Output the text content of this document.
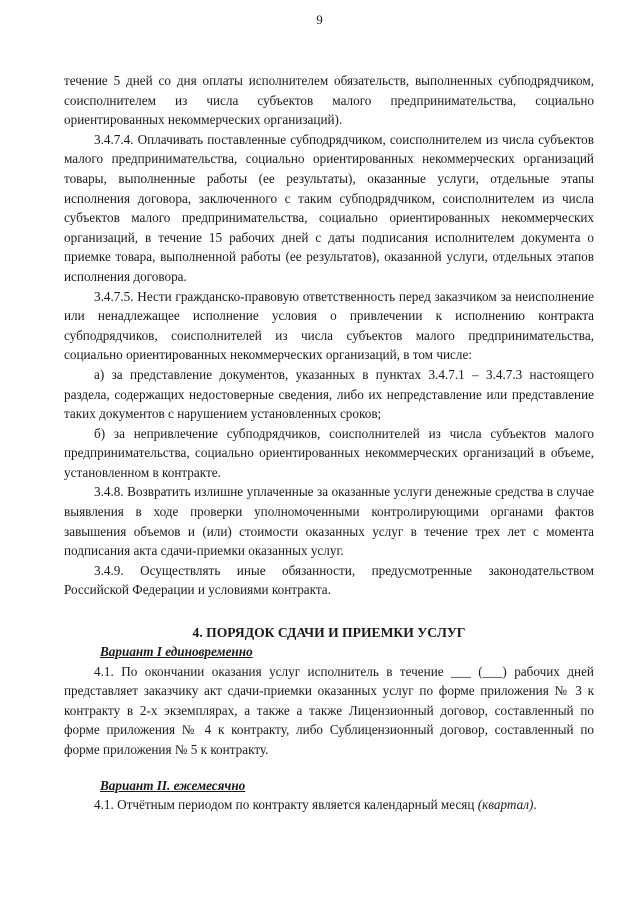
9

течение 5 дней со дня оплаты исполнителем обязательств, выполненных субподрядчиком, соисполнителем из числа субъектов малого предпринимательства, социально ориентированных некоммерческих организаций).

3.4.7.4. Оплачивать поставленные субподрядчиком, соисполнителем из числа субъектов малого предпринимательства, социально ориентированных некоммерческих организаций товары, выполненные работы (ее результаты), оказанные услуги, отдельные этапы исполнения договора, заключенного с таким субподрядчиком, соисполнителем из числа субъектов малого предпринимательства, социально ориентированных некоммерческих организаций, в течение 15 рабочих дней с даты подписания исполнителем документа о приемке товара, выполненной работы (ее результатов), оказанной услуги, отдельных этапов исполнения договора.

3.4.7.5. Нести гражданско-правовую ответственность перед заказчиком за неисполнение или ненадлежащее исполнение условия о привлечении к исполнению контракта субподрядчиков, соисполнителей из числа субъектов малого предпринимательства, социально ориентированных некоммерческих организаций, в том числе:

а) за представление документов, указанных в пунктах 3.4.7.1 – 3.4.7.3 настоящего раздела, содержащих недостоверные сведения, либо их непредставление или представление таких документов с нарушением установленных сроков;

б) за непривлечение субподрядчиков, соисполнителей из числа субъектов малого предпринимательства, социально ориентированных некоммерческих организаций в объеме, установленном в контракте.

3.4.8. Возвратить излишне уплаченные за оказанные услуги денежные средства в случае выявления в ходе проверки уполномоченными контролирующими органами фактов завышения объемов и (или) стоимости оказанных услуг в течение трех лет с момента подписания акта сдачи-приемки оказанных услуг.

3.4.9. Осуществлять иные обязанности, предусмотренные законодательством Российской Федерации и условиями контракта.

4. ПОРЯДОК СДАЧИ И ПРИЕМКИ УСЛУГ

Вариант I единовременно

4.1. По окончании оказания услуг исполнитель в течение ___ (___) рабочих дней представляет заказчику акт сдачи-приемки оказанных услуг по форме приложения № 3 к контракту в 2-х экземплярах, а также а также Лицензионный договор, составленный по форме приложения № 4 к контракту, либо Сублицензионный договор, составленный по форме приложения № 5 к контракту.

Вариант II. ежемесячно

4.1. Отчётным периодом по контракту является календарный месяц (квартал).
